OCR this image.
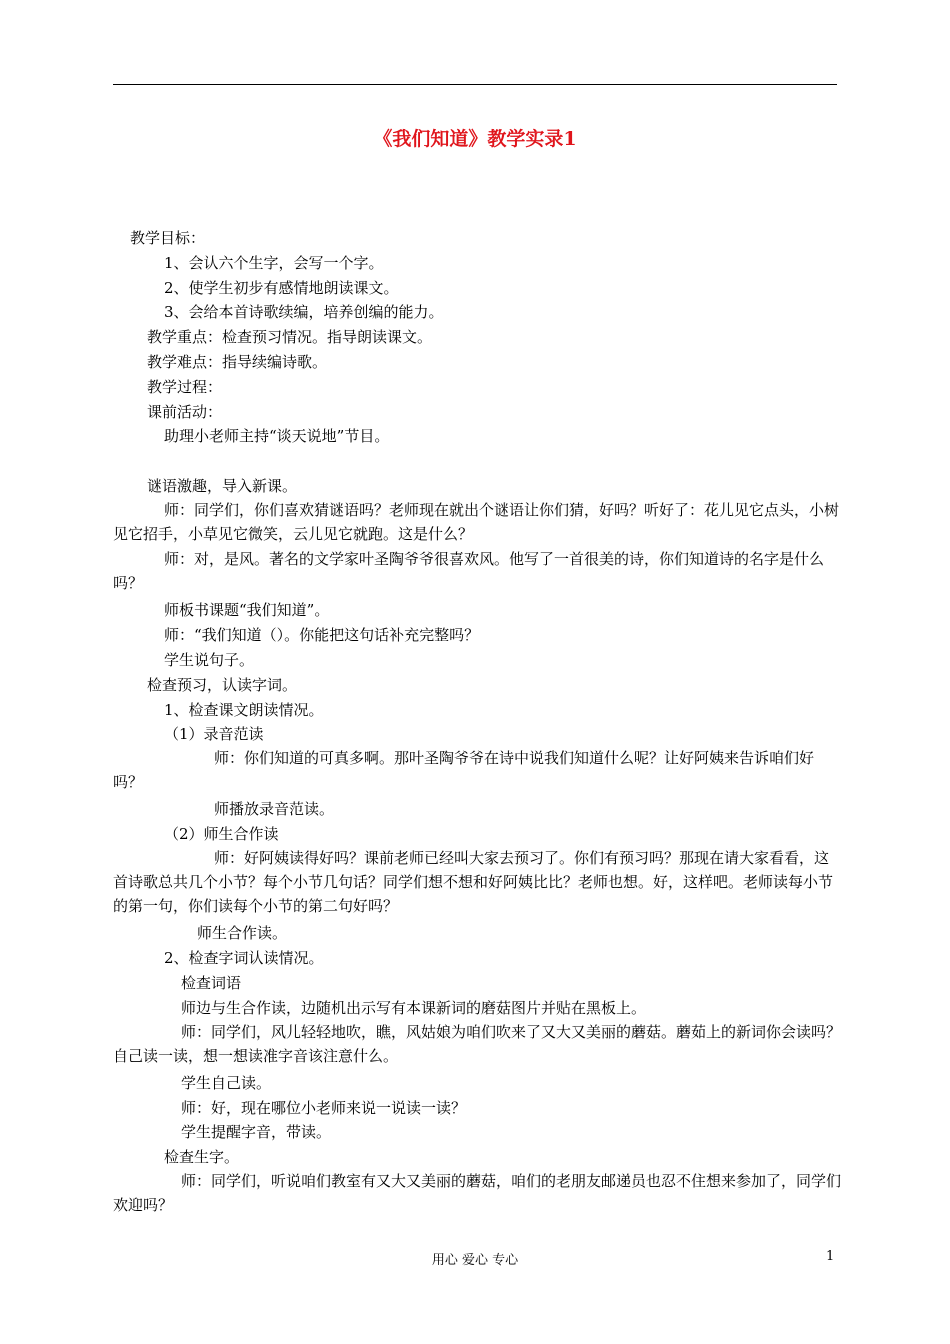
《我们知道》教学实录1
教学目标：
1、会认六个生字，会写一个字。
2、使学生初步有感情地朗读课文。
3、会给本首诗歌续编，培养创编的能力。
教学重点：检查预习情况。指导朗读课文。
教学难点：指导续编诗歌。
教学过程：
课前活动：
助理小老师主持“谈天说地”节目。
谜语激趣，导入新课。
师：同学们，你们喜欢猜谜语吗？老师现在就出个谜语让你们猜，好吗？听好了：花儿见它点头，小树见它招手，小草见它微笑，云儿见它就跑。这是什么？
师：对，是风。著名的文学家叶圣陶爷爷很喜欢风。他写了一首很美的诗，你们知道诗的名字是什么吗？
师板书课题“我们知道”。
师：“我们知道（）。你能把这句话补充完整吗？
学生说句子。
检查预习，认读字词。
1、检查课文朗读情况。
（1）录音范读
师：你们知道的可真多啊。那叶圣陶爷爷在诗中说我们知道什么呢？让好阿姨来告诉咱们好吗？
师播放录音范读。
（2）师生合作读
师：好阿姨读得好吗？课前老师已经叫大家去预习了。你们有预习吗？那现在请大家看看，这首诗歌总共几个小节？每个小节几句话？同学们想不想和好阿姨比比？老师也想。好，这样吧。老师读每小节的第一句，你们读每个小节的第二句好吗？
师生合作读。
2、检查字词认读情况。
检查词语
师边与生合作读，边随机出示写有本课新词的磨菇图片并贴在黑板上。
师：同学们，风儿轻轻地吹，瞧，风姑娘为咱们吹来了又大又美丽的蘑菇。蘑茹上的新词你会读吗？自己读一读，想一想读准字音该注意什么。
学生自己读。
师：好，现在哪位小老师来说一说读一读？
学生提醒字音，带读。
检查生字。
师：同学们，听说咱们教室有又大又美丽的蘑菇，咱们的老朋友邮递员也忍不住想来参加了，同学们欢迎吗？
用心 爱心 专心	1
